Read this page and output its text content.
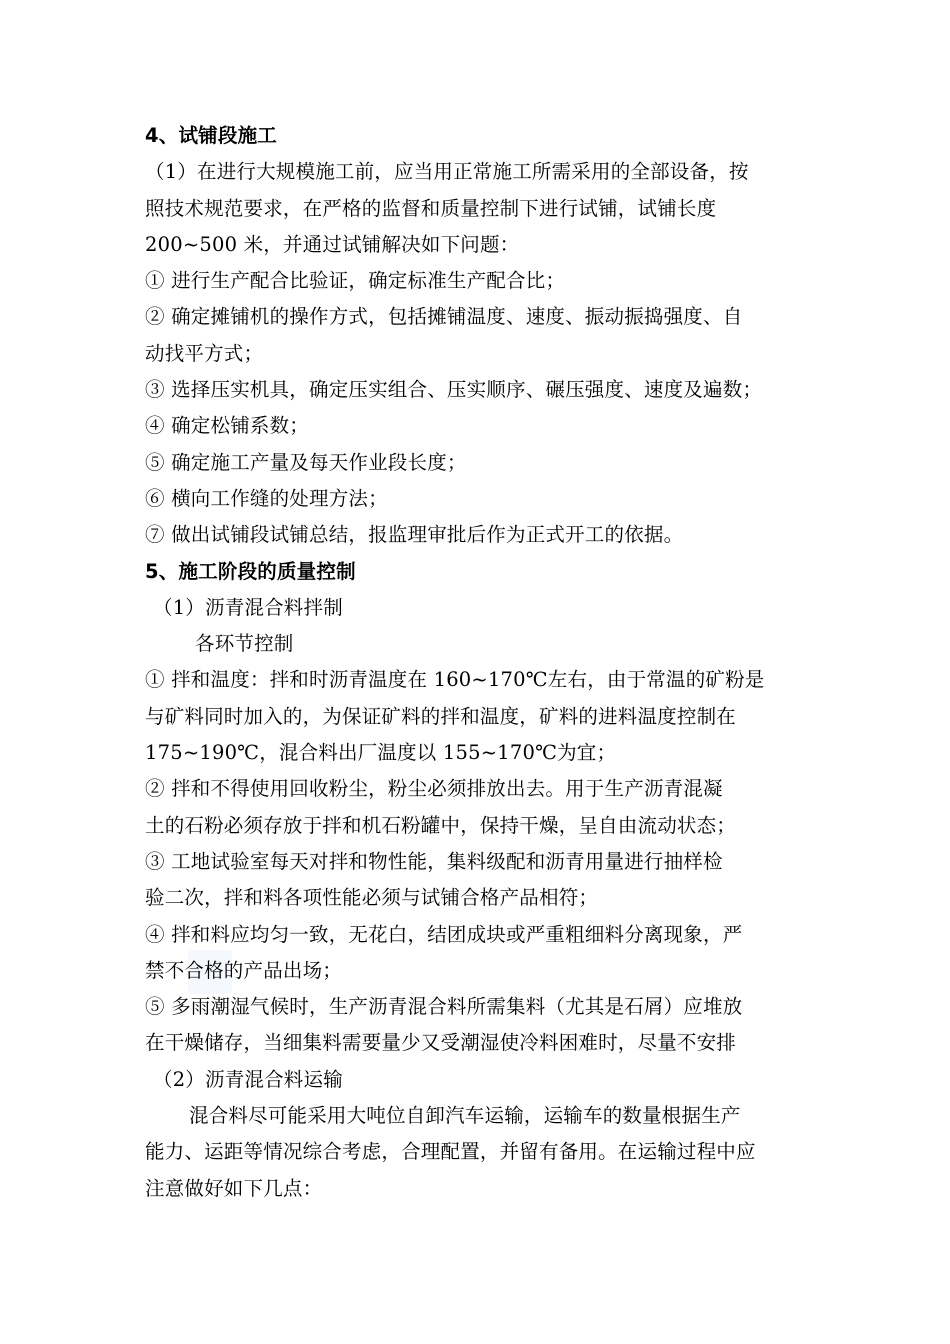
4、试铺段施工
（1）在进行大规模施工前，应当用正常施工所需采用的全部设备，按
照技术规范要求，在严格的监督和质量控制下进行试铺，试铺长度
200~500 米，并通过试铺解决如下问题：
① 进行生产配合比验证，确定标准生产配合比；
② 确定摊铺机的操作方式，包括摊铺温度、速度、振动振捣强度、自
动找平方式；
③ 选择压实机具，确定压实组合、压实顺序、碾压强度、速度及遍数；
④ 确定松铺系数；
⑤ 确定施工产量及每天作业段长度；
⑥ 横向工作缝的处理方法；
⑦ 做出试铺段试铺总结，报监理审批后作为正式开工的依据。
5、施工阶段的质量控制
（1）沥青混合料拌制
各环节控制
① 拌和温度：拌和时沥青温度在 160~170℃左右，由于常温的矿粉是
与矿料同时加入的，为保证矿料的拌和温度，矿料的进料温度控制在
175~190℃，混合料出厂温度以 155~170℃为宜；
② 拌和不得使用回收粉尘，粉尘必须排放出去。用于生产沥青混凝
土的石粉必须存放于拌和机石粉罐中，保持干燥，呈自由流动状态；
③ 工地试验室每天对拌和物性能，集料级配和沥青用量进行抽样检
验二次，拌和料各项性能必须与试铺合格产品相符；
④ 拌和料应均匀一致，无花白，结团成块或严重粗细料分离现象，严
禁不合格的产品出场；
⑤ 多雨潮湿气候时，生产沥青混合料所需集料（尤其是石屑）应堆放
在干燥储存，当细集料需要量少又受潮湿使冷料困难时，尽量不安排
（2）沥青混合料运输
混合料尽可能采用大吨位自卸汽车运输，运输车的数量根据生产
能力、运距等情况综合考虑，合理配置，并留有备用。在运输过程中应
注意做好如下几点：
